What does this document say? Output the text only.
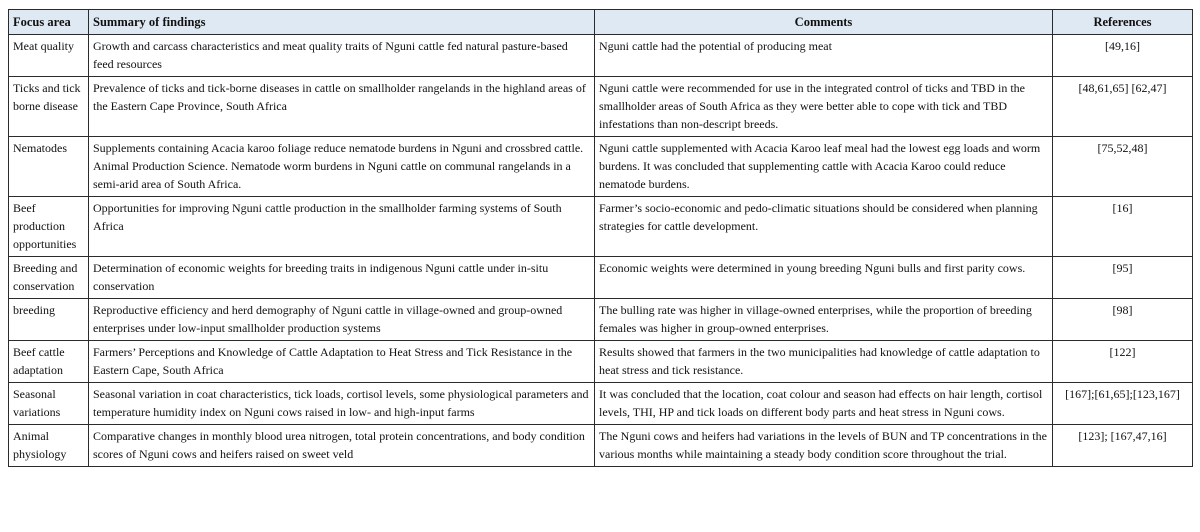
Focus area	Summary of findings	Comments	References
Meat quality	Growth and carcass characteristics and meat quality traits of Nguni cattle fed natural pasture-based feed resources	Nguni cattle had the potential of producing meat	[49,16]
Ticks and tick borne disease	Prevalence of ticks and tick-borne diseases in cattle on smallholder rangelands in the highland areas of the Eastern Cape Province, South Africa	Nguni cattle were recommended for use in the integrated control of ticks and TBD in the smallholder areas of South Africa as they were better able to cope with tick and TBD infestations than non-descript breeds.	[48,61,65] [62,47]
Nematodes	Supplements containing Acacia karoo foliage reduce nematode burdens in Nguni and crossbred cattle. Animal Production Science. Nematode worm burdens in Nguni cattle on communal rangelands in a semi-arid area of South Africa.	Nguni cattle supplemented with Acacia Karoo leaf meal had the lowest egg loads and worm burdens. It was concluded that supplementing cattle with Acacia Karoo could reduce nematode burdens.	[75,52,48]
Beef production opportunities	Opportunities for improving Nguni cattle production in the smallholder farming systems of South Africa	Farmer’s socio-economic and pedo-climatic situations should be considered when planning strategies for cattle development.	[16]
Breeding and conservation	Determination of economic weights for breeding traits in indigenous Nguni cattle under in-situ conservation	Economic weights were determined in young breeding Nguni bulls and first parity cows.	[95]
breeding	Reproductive efficiency and herd demography of Nguni cattle in village-owned and group-owned enterprises under low-input smallholder production systems	The bulling rate was higher in village-owned enterprises, while the proportion of breeding females was higher in group-owned enterprises.	[98]
Beef cattle adaptation	Farmers’ Perceptions and Knowledge of Cattle Adaptation to Heat Stress and Tick Resistance in the Eastern Cape, South Africa	Results showed that farmers in the two municipalities had knowledge of cattle adaptation to heat stress and tick resistance.	[122]
Seasonal variations	Seasonal variation in coat characteristics, tick loads, cortisol levels, some physiological parameters and temperature humidity index on Nguni cows raised in low- and high-input farms	It was concluded that the location, coat colour and season had effects on hair length, cortisol levels, THI, HP and tick loads on different body parts and heat stress in Nguni cows.	[167];[61,65];[123,167]
Animal physiology	Comparative changes in monthly blood urea nitrogen, total protein concentrations, and body condition scores of Nguni cows and heifers raised on sweet veld	The Nguni cows and heifers had variations in the levels of BUN and TP concentrations in the various months while maintaining a steady body condition score throughout the trial.	[123]; [167,47,16]
